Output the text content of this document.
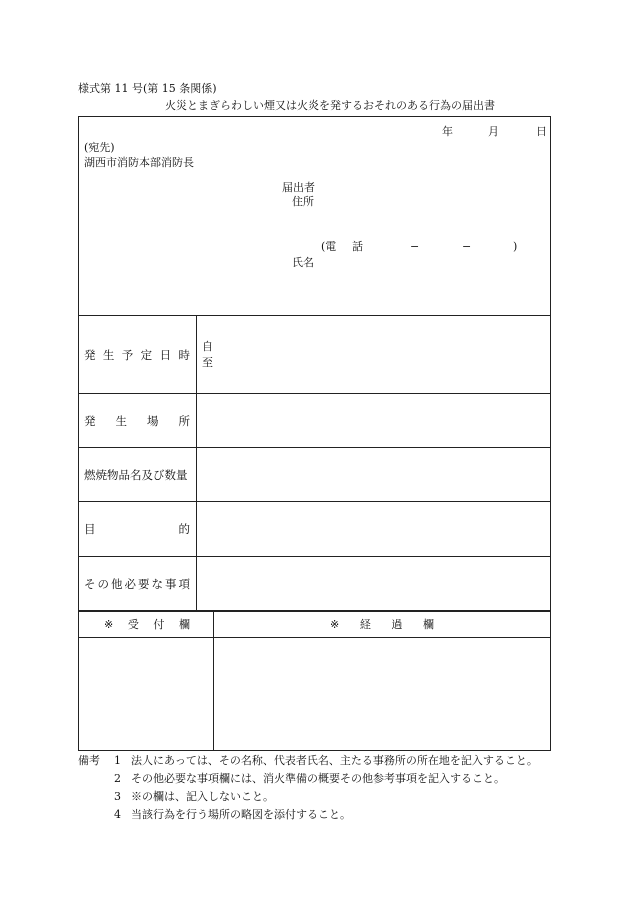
様式第 11 号(第 15 条関係)
火災とまぎらわしい煙又は火炎を発するおそれのある行為の届出書
年	月	日
(宛先)
湖西市消防本部消防長
届出者
住所
(電 話	−	−	)
氏名
発 生 予 定 日 時
自
至
発 生 場 所
燃焼物品名及び数量
目	的
そ の 他 必 要 な 事 項
※ 受 付 欄	※ 経 過 欄
備考 1 法人にあっては、その名称、代表者氏名、主たる事務所の所在地を記入すること。
2 その他必要な事項欄には、消火準備の概要その他参考事項を記入すること。
3 ※の欄は、記入しないこと。
4 当該行為を行う場所の略図を添付すること。
